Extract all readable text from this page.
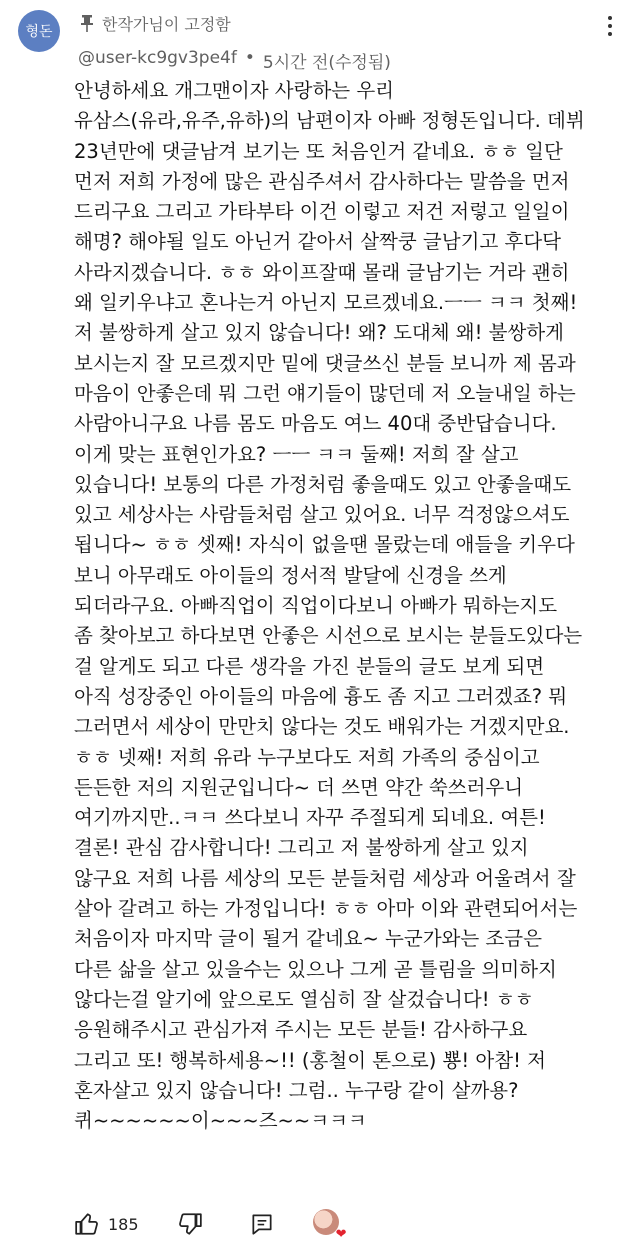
형돈	한작가님이 고정함
@user-kc9gv3pe4f • 5시간 전(수정됨)
안녕하세요 개그맨이자 사랑하는 우리
유삼스(유라,유주,유하)의 남편이자 아빠 정형돈입니다. 데뷔
23년만에 댓글남겨 보기는 또 처음인거 같네요. ㅎㅎ 일단
먼저 저희 가정에 많은 관심주셔서 감사하다는 말씀을 먼저
드리구요 그리고 가타부타 이건 이렇고 저건 저렇고 일일이
해명? 해야될 일도 아닌거 같아서 살짝쿵 글남기고 후다닥
사라지겠습니다. ㅎㅎ 와이프잘때 몰래 글남기는 거라 괜히
왜 일키우냐고 혼나는거 아닌지 모르겠네요.ㅡㅡ ㅋㅋ 첫째!
저 불쌍하게 살고 있지 않습니다! 왜? 도대체 왜! 불쌍하게
보시는지 잘 모르겠지만 밑에 댓글쓰신 분들 보니까 제 몸과
마음이 안좋은데 뭐 그런 얘기들이 많던데 저 오늘내일 하는
사람아니구요 나름 몸도 마음도 여느 40대 중반답습니다.
이게 맞는 표현인가요? ㅡㅡ ㅋㅋ 둘째! 저희 잘 살고
있습니다! 보통의 다른 가정처럼 좋을때도 있고 안좋을때도
있고 세상사는 사람들처럼 살고 있어요. 너무 걱정않으셔도
됩니다~ ㅎㅎ 셋째! 자식이 없을땐 몰랐는데 애들을 키우다
보니 아무래도 아이들의 정서적 발달에 신경을 쓰게
되더라구요. 아빠직업이 직업이다보니 아빠가 뭐하는지도
좀 찾아보고 하다보면 안좋은 시선으로 보시는 분들도있다는
걸 알게도 되고 다른 생각을 가진 분들의 글도 보게 되면
아직 성장중인 아이들의 마음에 흉도 좀 지고 그러겠죠? 뭐
그러면서 세상이 만만치 않다는 것도 배워가는 거겠지만요.
ㅎㅎ 넷째! 저희 유라 누구보다도 저희 가족의 중심이고
든든한 저의 지원군입니다~ 더 쓰면 약간 쑥쓰러우니
여기까지만..ㅋㅋ 쓰다보니 자꾸 주절되게 되네요. 여튼!
결론! 관심 감사합니다! 그리고 저 불쌍하게 살고 있지
않구요 저희 나름 세상의 모든 분들처럼 세상과 어울려서 잘
살아 갈려고 하는 가정입니다! ㅎㅎ 아마 이와 관련되어서는
처음이자 마지막 글이 될거 같네요~ 누군가와는 조금은
다른 삶을 살고 있을수는 있으나 그게 곧 틀림을 의미하지
않다는걸 알기에 앞으로도 열심히 잘 살겄습니다! ㅎㅎ
응원해주시고 관심가져 주시는 모든 분들! 감사하구요
그리고 또! 행복하세용~!! (홍철이 톤으로) 뿅! 아참! 저
혼자살고 있지 않습니다! 그럼.. 누구랑 같이 살까용?
퀴~~~~~~이~~~즈~~ㅋㅋㅋ
185
❤
